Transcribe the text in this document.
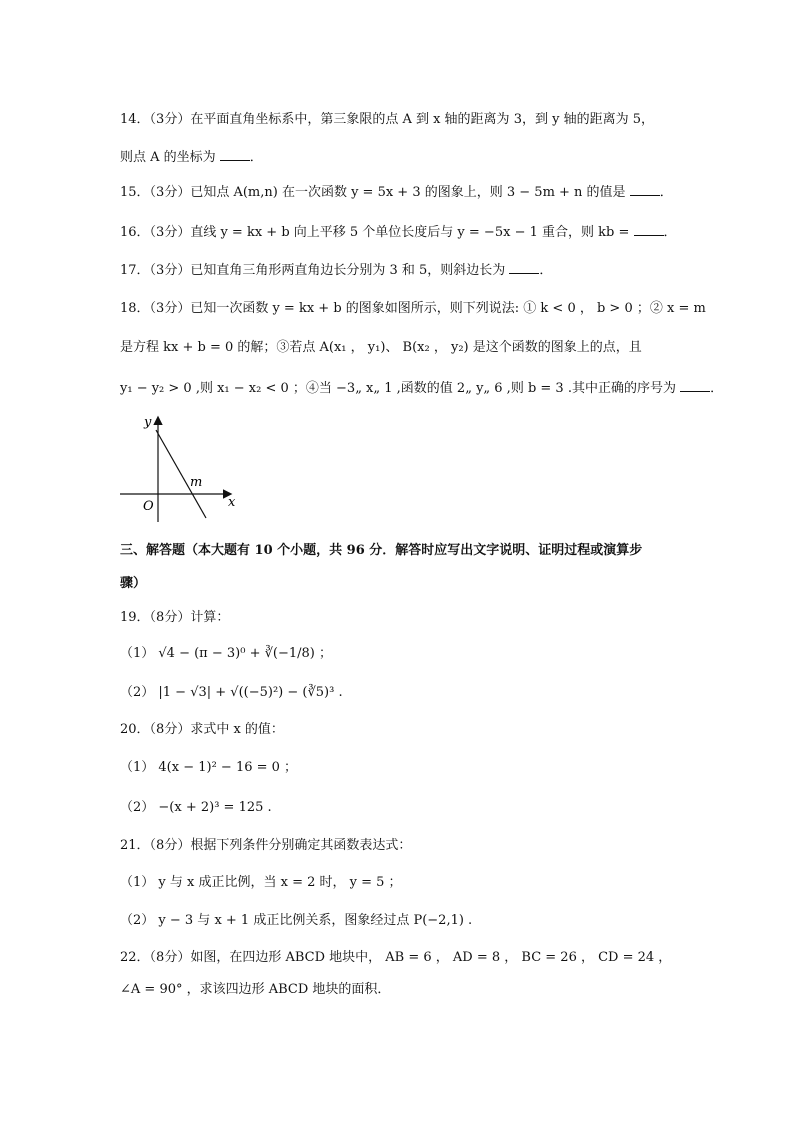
14．（3分）在平面直角坐标系中，第三象限的点 A 到 x 轴的距离为 3，到 y 轴的距离为 5，
则点 A 的坐标为	．
15．（3分）已知点 A(m,n) 在一次函数 y = 5x + 3 的图象上，则 3 − 5m + n 的值是	．
16．（3分）直线 y = kx + b 向上平移 5 个单位长度后与 y = −5x − 1 重合，则 kb =	．
17．（3分）已知直角三角形两直角边长分别为 3 和 5，则斜边长为	．
18．（3分）已知一次函数 y = kx + b 的图象如图所示，则下列说法: ① k < 0 ， b > 0 ；② x = m
是方程 kx + b = 0 的解；③若点 A(x₁ ， y₁)、 B(x₂ ， y₂) 是这个函数的图象上的点，且
y₁ − y₂ > 0 ,则 x₁ − x₂ < 0 ；④当 −3„ x„ 1 ,函数的值 2„ y„ 6 ,则 b = 3 .其中正确的序号为	．
y
x
O
m
三、解答题（本大题有 10 个小题，共 96 分．解答时应写出文字说明、证明过程或演算步
骤）
19．（8分）计算：
（1） √4 − (π − 3)⁰ + ∛(−1/8) ；
（2） |1 − √3| + √((−5)²) − (∛5)³ .
20．（8分）求式中 x 的值：
（1） 4(x − 1)² − 16 = 0 ；
（2） −(x + 2)³ = 125 .
21．（8分）根据下列条件分别确定其函数表达式：
（1） y 与 x 成正比例，当 x = 2 时， y = 5 ；
（2） y − 3 与 x + 1 成正比例关系，图象经过点 P(−2,1) .
22．（8分）如图，在四边形 ABCD 地块中， AB = 6 ， AD = 8 ， BC = 26 ， CD = 24 ，
∠A = 90° ，求该四边形 ABCD 地块的面积．
